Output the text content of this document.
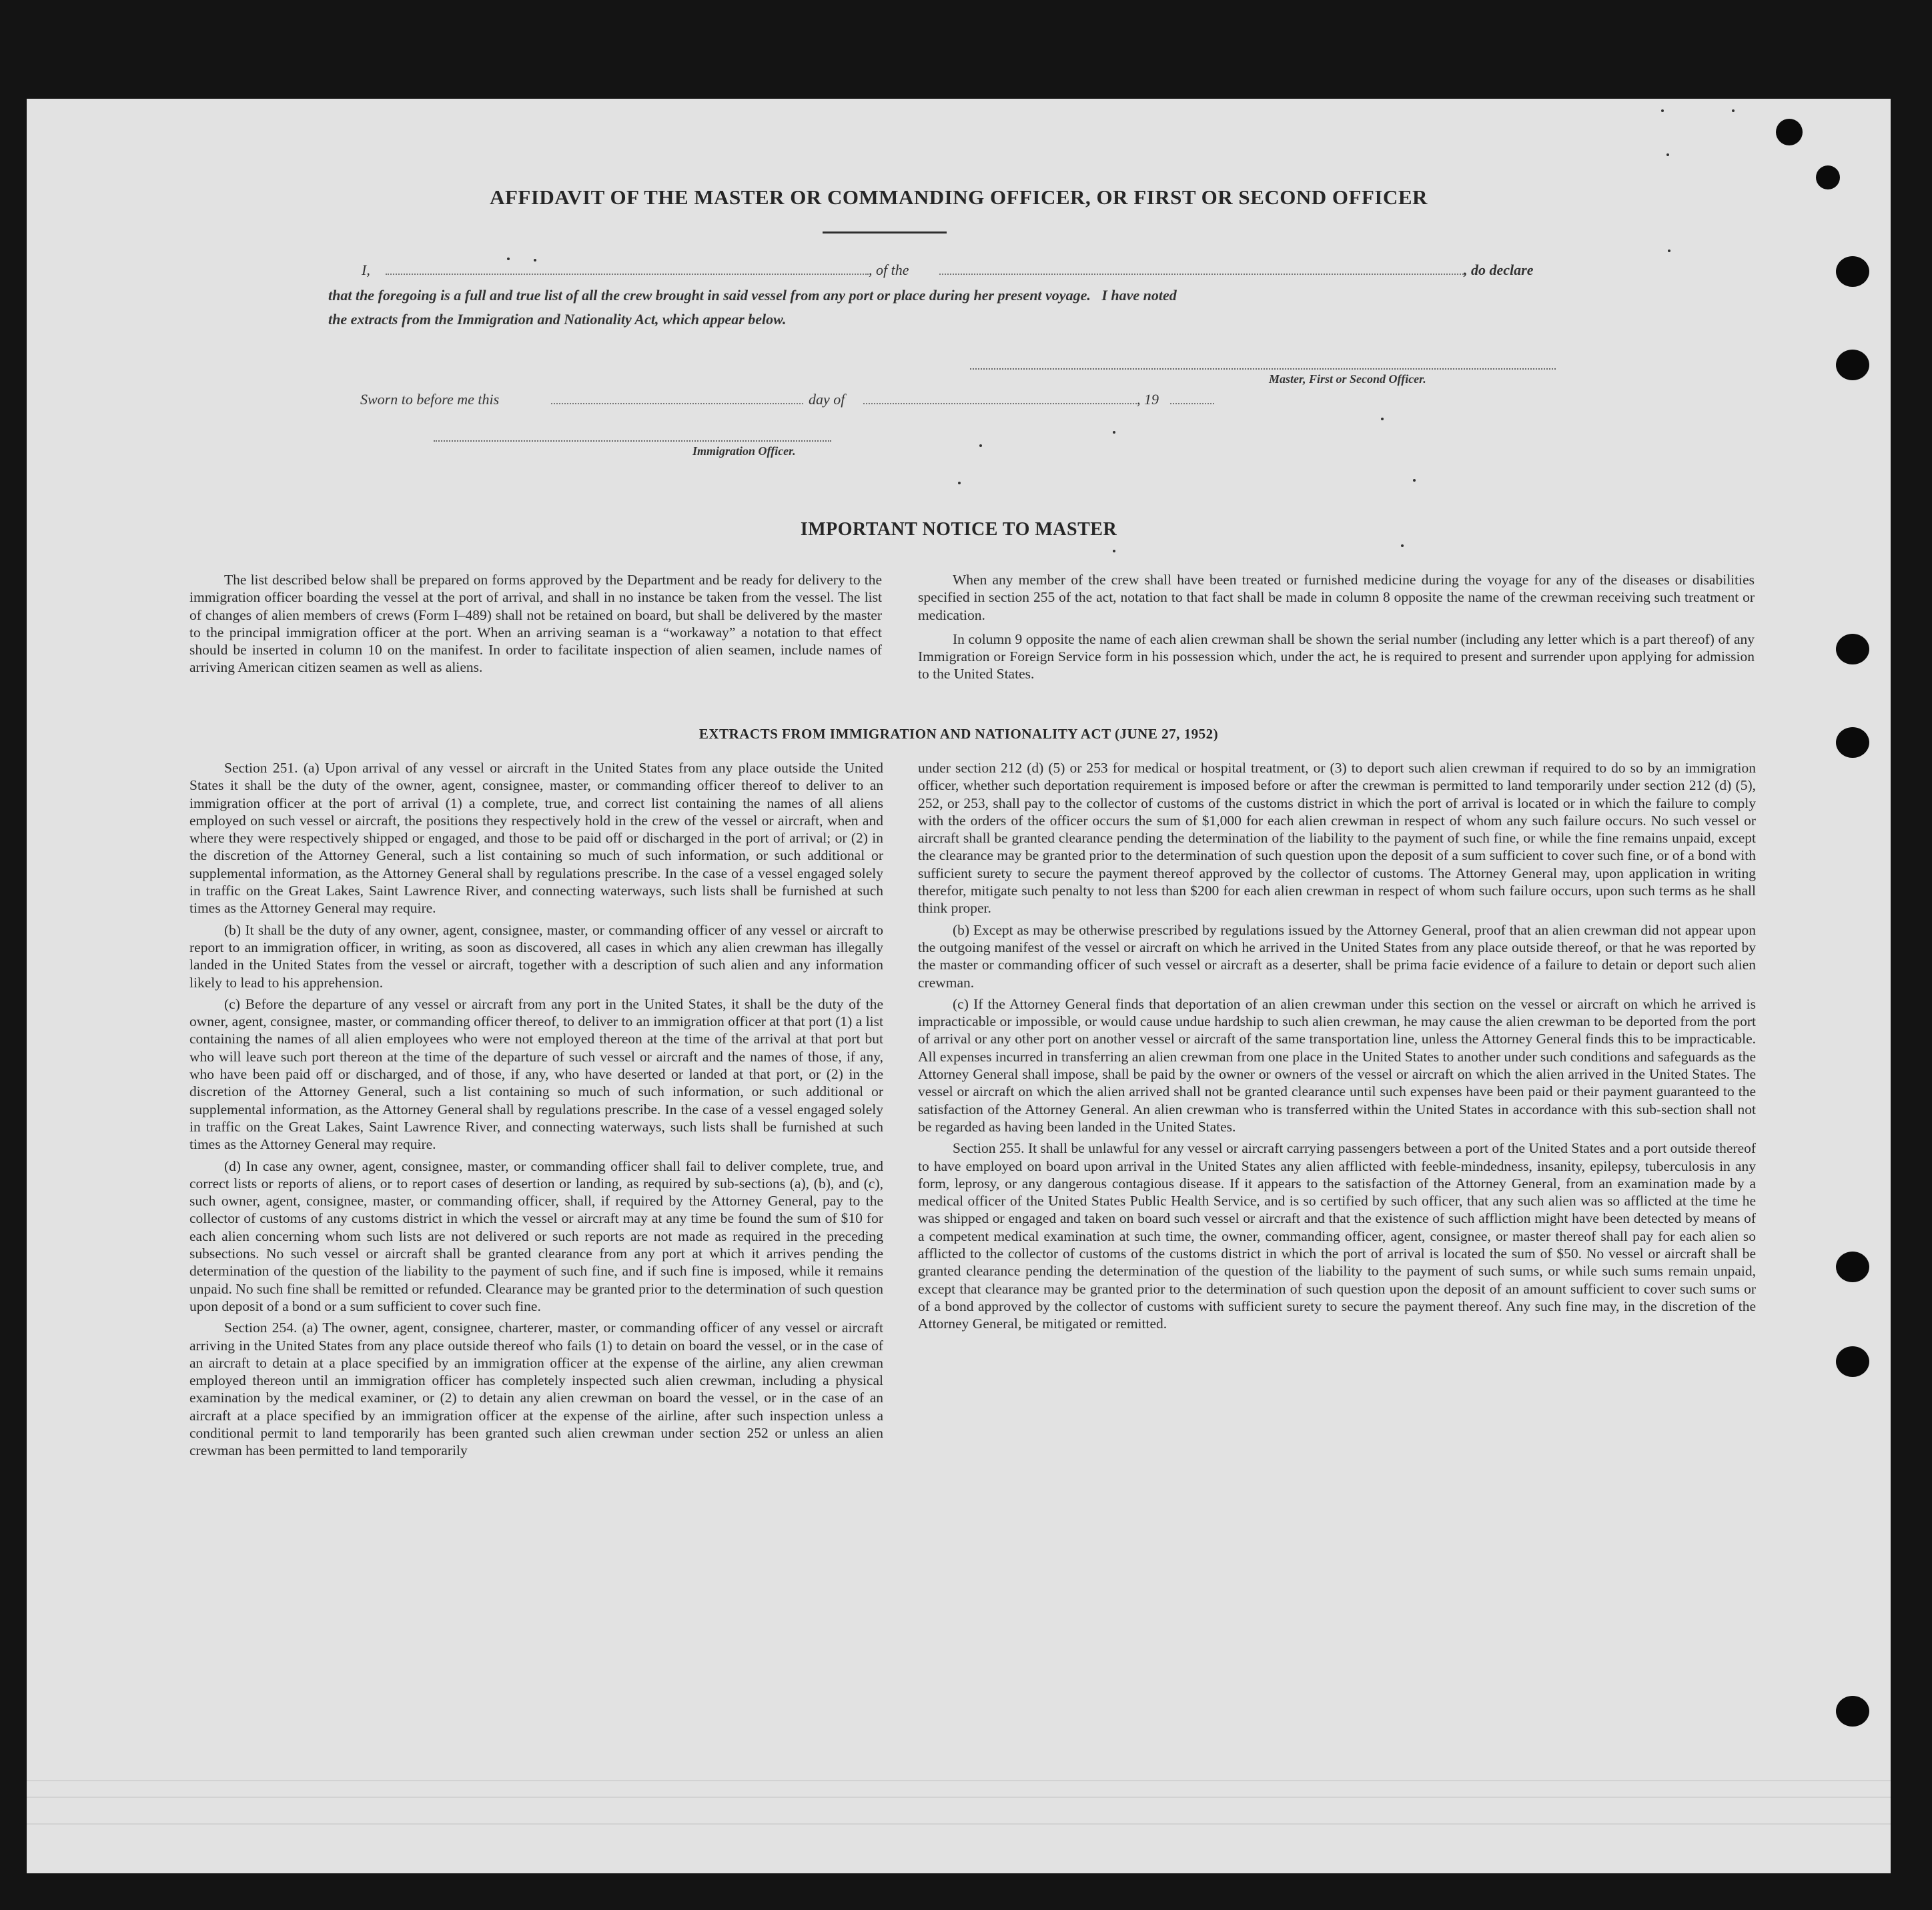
AFFIDAVIT OF THE MASTER OR COMMANDING OFFICER, OR FIRST OR SECOND OFFICER
I,	, of the	, do declare
that the foregoing is a full and true list of all the crew brought in said vessel from any port or place during her present voyage.   I have noted
the extracts from the Immigration and Nationality Act, which appear below.
Master, First or Second Officer.
Sworn to before me this	day of	, 19
Immigration Officer.
IMPORTANT NOTICE TO MASTER

The list described below shall be prepared on forms approved by the Department and be ready for delivery to the immigration officer boarding the vessel at the port of arrival, and shall in no instance be taken from the vessel. The list of changes of alien members of crews (Form I–489) shall not be retained on board, but shall be delivered by the master to the principal immigration officer at the port. When an arriving seaman is a “workaway” a notation to that effect should be inserted in column 10 on the manifest. In order to facilitate inspection of alien seamen, include names of arriving American citizen seamen as well as aliens.

When any member of the crew shall have been treated or furnished medicine during the voyage for any of the diseases or disabilities specified in section 255 of the act, notation to that fact shall be made in column 8 opposite the name of the crewman receiving such treatment or medication.

In column 9 opposite the name of each alien crewman shall be shown the serial number (including any letter which is a part thereof) of any Immigration or Foreign Service form in his possession which, under the act, he is required to present and surrender upon applying for admission to the United States.

EXTRACTS FROM IMMIGRATION AND NATIONALITY ACT (JUNE 27, 1952)

Section 251. (a) Upon arrival of any vessel or aircraft in the United States from any place outside the United States it shall be the duty of the owner, agent, consignee, master, or commanding officer thereof to deliver to an immigration officer at the port of arrival (1) a complete, true, and correct list containing the names of all aliens employed on such vessel or aircraft, the positions they respectively hold in the crew of the vessel or aircraft, when and where they were respectively shipped or engaged, and those to be paid off or discharged in the port of arrival; or (2) in the discretion of the Attorney General, such a list containing so much of such information, or such additional or supplemental information, as the Attorney General shall by regulations prescribe. In the case of a vessel engaged solely in traffic on the Great Lakes, Saint Lawrence River, and connecting waterways, such lists shall be furnished at such times as the Attorney General may require.

(b) It shall be the duty of any owner, agent, consignee, master, or commanding officer of any vessel or aircraft to report to an immigration officer, in writing, as soon as discovered, all cases in which any alien crewman has illegally landed in the United States from the vessel or aircraft, together with a description of such alien and any information likely to lead to his apprehension.

(c) Before the departure of any vessel or aircraft from any port in the United States, it shall be the duty of the owner, agent, consignee, master, or commanding officer thereof, to deliver to an immigration officer at that port (1) a list containing the names of all alien employees who were not employed thereon at the time of the arrival at that port but who will leave such port thereon at the time of the departure of such vessel or aircraft and the names of those, if any, who have been paid off or discharged, and of those, if any, who have deserted or landed at that port, or (2) in the discretion of the Attorney General, such a list containing so much of such information, or such additional or supplemental information, as the Attorney General shall by regulations prescribe. In the case of a vessel engaged solely in traffic on the Great Lakes, Saint Lawrence River, and connecting waterways, such lists shall be furnished at such times as the Attorney General may require.

(d) In case any owner, agent, consignee, master, or commanding officer shall fail to deliver complete, true, and correct lists or reports of aliens, or to report cases of desertion or landing, as required by sub-sections (a), (b), and (c), such owner, agent, consignee, master, or commanding officer, shall, if required by the Attorney General, pay to the collector of customs of any customs district in which the vessel or aircraft may at any time be found the sum of $10 for each alien concerning whom such lists are not delivered or such reports are not made as required in the preceding subsections. No such vessel or aircraft shall be granted clearance from any port at which it arrives pending the determination of the question of the liability to the payment of such fine, and if such fine is imposed, while it remains unpaid. No such fine shall be remitted or refunded. Clearance may be granted prior to the determination of such question upon deposit of a bond or a sum sufficient to cover such fine.

Section 254. (a) The owner, agent, consignee, charterer, master, or commanding officer of any vessel or aircraft arriving in the United States from any place outside thereof who fails (1) to detain on board the vessel, or in the case of an aircraft to detain at a place specified by an immigration officer at the expense of the airline, any alien crewman employed thereon until an immigration officer has completely inspected such alien crewman, including a physical examination by the medical examiner, or (2) to detain any alien crewman on board the vessel, or in the case of an aircraft at a place specified by an immigration officer at the expense of the airline, after such inspection unless a conditional permit to land temporarily has been granted such alien crewman under section 252 or unless an alien crewman has been permitted to land temporarily

under section 212 (d) (5) or 253 for medical or hospital treatment, or (3) to deport such alien crewman if required to do so by an immigration officer, whether such deportation requirement is imposed before or after the crewman is permitted to land temporarily under section 212 (d) (5), 252, or 253, shall pay to the collector of customs of the customs district in which the port of arrival is located or in which the failure to comply with the orders of the officer occurs the sum of $1,000 for each alien crewman in respect of whom any such failure occurs. No such vessel or aircraft shall be granted clearance pending the determination of the liability to the payment of such fine, or while the fine remains unpaid, except the clearance may be granted prior to the determination of such question upon the deposit of a sum sufficient to cover such fine, or of a bond with sufficient surety to secure the payment thereof approved by the collector of customs. The Attorney General may, upon application in writing therefor, mitigate such penalty to not less than $200 for each alien crewman in respect of whom such failure occurs, upon such terms as he shall think proper.

(b) Except as may be otherwise prescribed by regulations issued by the Attorney General, proof that an alien crewman did not appear upon the outgoing manifest of the vessel or aircraft on which he arrived in the United States from any place outside thereof, or that he was reported by the master or commanding officer of such vessel or aircraft as a deserter, shall be prima facie evidence of a failure to detain or deport such alien crewman.

(c) If the Attorney General finds that deportation of an alien crewman under this section on the vessel or aircraft on which he arrived is impracticable or impossible, or would cause undue hardship to such alien crewman, he may cause the alien crewman to be deported from the port of arrival or any other port on another vessel or aircraft of the same transportation line, unless the Attorney General finds this to be impracticable. All expenses incurred in transferring an alien crewman from one place in the United States to another under such conditions and safeguards as the Attorney General shall impose, shall be paid by the owner or owners of the vessel or aircraft on which the alien arrived in the United States. The vessel or aircraft on which the alien arrived shall not be granted clearance until such expenses have been paid or their payment guaranteed to the satisfaction of the Attorney General. An alien crewman who is transferred within the United States in accordance with this sub-section shall not be regarded as having been landed in the United States.

Section 255. It shall be unlawful for any vessel or aircraft carrying passengers between a port of the United States and a port outside thereof to have employed on board upon arrival in the United States any alien afflicted with feeble-mindedness, insanity, epilepsy, tuberculosis in any form, leprosy, or any dangerous contagious disease. If it appears to the satisfaction of the Attorney General, from an examination made by a medical officer of the United States Public Health Service, and is so certified by such officer, that any such alien was so afflicted at the time he was shipped or engaged and taken on board such vessel or aircraft and that the existence of such affliction might have been detected by means of a competent medical examination at such time, the owner, commanding officer, agent, consignee, or master thereof shall pay for each alien so afflicted to the collector of customs of the customs district in which the port of arrival is located the sum of $50. No vessel or aircraft shall be granted clearance pending the determination of the question of the liability to the payment of such sums, or while such sums remain unpaid, except that clearance may be granted prior to the determination of such question upon the deposit of an amount sufficient to cover such sums or of a bond approved by the collector of customs with sufficient surety to secure the payment thereof. Any such fine may, in the discretion of the Attorney General, be mitigated or remitted.
